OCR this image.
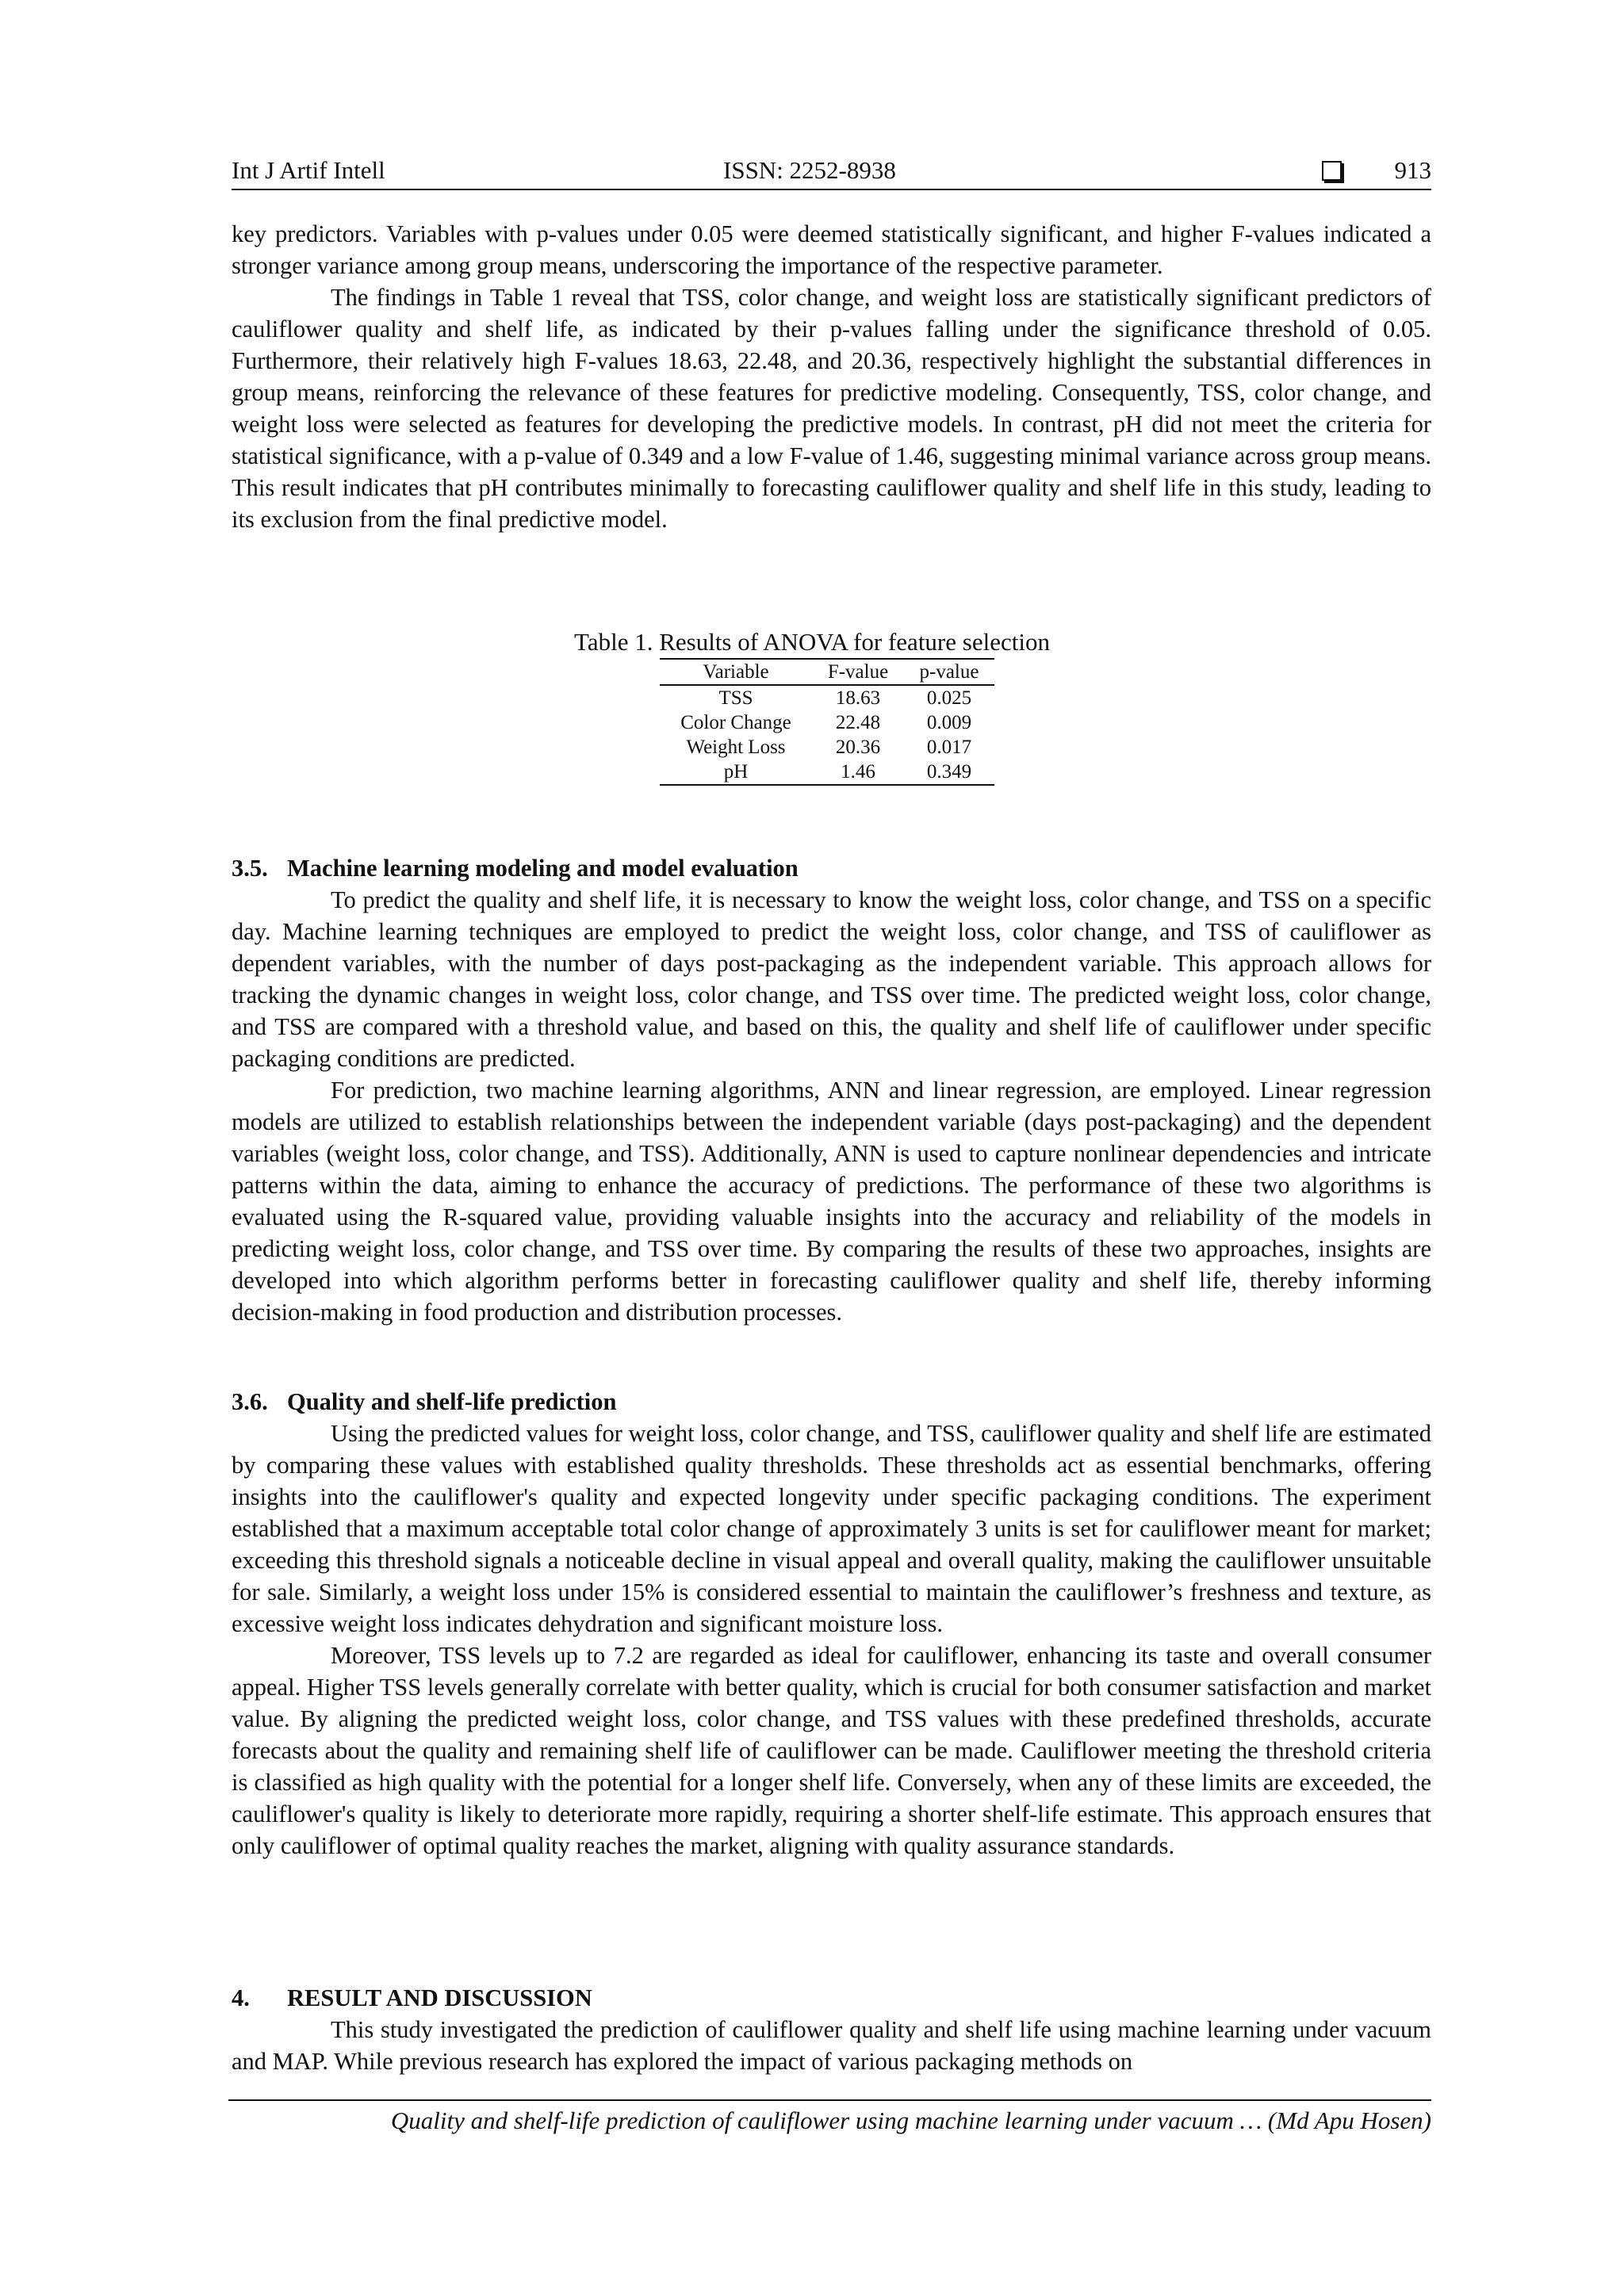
Int J Artif Intell	ISSN: 2252-8938	913

key predictors. Variables with p-values under 0.05 were deemed statistically significant, and higher F-values indicated a stronger variance among group means, underscoring the importance of the respective parameter.

The findings in Table 1 reveal that TSS, color change, and weight loss are statistically significant predictors of cauliflower quality and shelf life, as indicated by their p-values falling under the significance threshold of 0.05. Furthermore, their relatively high F-values 18.63, 22.48, and 20.36, respectively highlight the substantial differences in group means, reinforcing the relevance of these features for predictive modeling. Consequently, TSS, color change, and weight loss were selected as features for developing the predictive models. In contrast, pH did not meet the criteria for statistical significance, with a p-value of 0.349 and a low F-value of 1.46, suggesting minimal variance across group means. This result indicates that pH contributes minimally to forecasting cauliflower quality and shelf life in this study, leading to its exclusion from the final predictive model.

Table 1. Results of ANOVA for feature selection
Variable	F-value	p-value
TSS	18.63	0.025
Color Change	22.48	0.009
Weight Loss	20.36	0.017
pH	1.46	0.349
3.5. Machine learning modeling and model evaluation

To predict the quality and shelf life, it is necessary to know the weight loss, color change, and TSS on a specific day. Machine learning techniques are employed to predict the weight loss, color change, and TSS of cauliflower as dependent variables, with the number of days post-packaging as the independent variable. This approach allows for tracking the dynamic changes in weight loss, color change, and TSS over time. The predicted weight loss, color change, and TSS are compared with a threshold value, and based on this, the quality and shelf life of cauliflower under specific packaging conditions are predicted.

For prediction, two machine learning algorithms, ANN and linear regression, are employed. Linear regression models are utilized to establish relationships between the independent variable (days post-packaging) and the dependent variables (weight loss, color change, and TSS). Additionally, ANN is used to capture nonlinear dependencies and intricate patterns within the data, aiming to enhance the accuracy of predictions. The performance of these two algorithms is evaluated using the R-squared value, providing valuable insights into the accuracy and reliability of the models in predicting weight loss, color change, and TSS over time. By comparing the results of these two approaches, insights are developed into which algorithm performs better in forecasting cauliflower quality and shelf life, thereby informing decision-making in food production and distribution processes.

3.6. Quality and shelf-life prediction

Using the predicted values for weight loss, color change, and TSS, cauliflower quality and shelf life are estimated by comparing these values with established quality thresholds. These thresholds act as essential benchmarks, offering insights into the cauliflower's quality and expected longevity under specific packaging conditions. The experiment established that a maximum acceptable total color change of approximately 3 units is set for cauliflower meant for market; exceeding this threshold signals a noticeable decline in visual appeal and overall quality, making the cauliflower unsuitable for sale. Similarly, a weight loss under 15% is considered essential to maintain the cauliflower’s freshness and texture, as excessive weight loss indicates dehydration and significant moisture loss.

Moreover, TSS levels up to 7.2 are regarded as ideal for cauliflower, enhancing its taste and overall consumer appeal. Higher TSS levels generally correlate with better quality, which is crucial for both consumer satisfaction and market value. By aligning the predicted weight loss, color change, and TSS values with these predefined thresholds, accurate forecasts about the quality and remaining shelf life of cauliflower can be made. Cauliflower meeting the threshold criteria is classified as high quality with the potential for a longer shelf life. Conversely, when any of these limits are exceeded, the cauliflower's quality is likely to deteriorate more rapidly, requiring a shorter shelf-life estimate. This approach ensures that only cauliflower of optimal quality reaches the market, aligning with quality assurance standards.

4. RESULT AND DISCUSSION

This study investigated the prediction of cauliflower quality and shelf life using machine learning under vacuum and MAP. While previous research has explored the impact of various packaging methods on

Quality and shelf-life prediction of cauliflower using machine learning under vacuum … (Md Apu Hosen)
